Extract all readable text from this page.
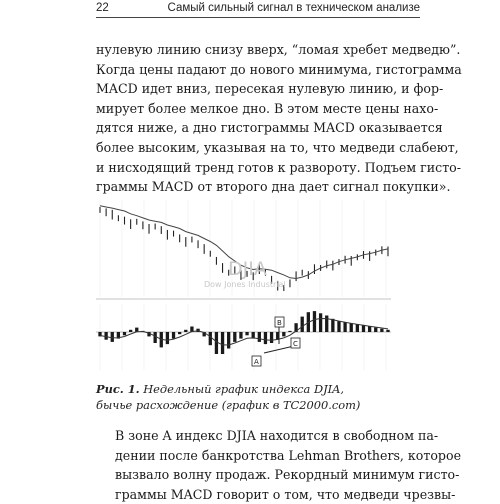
22	Самый сильный сигнал в техническом анализе
нулевую линию снизу вверх, “ломая хребет медведю”.
Когда цены падают до нового минимума, гистограмма
MACD идет вниз, пересекая нулевую линию, и фор-
мирует более мелкое дно. В этом месте цены нахо-
дятся ниже, а дно гистограммы MACD оказывается
более высоким, указывая на то, что медведи слабеют,
и нисходящий тренд готов к развороту. Подъем гисто-
граммы MACD от второго дна дает сигнал покупки».
DJIA
Dow Jones Industrial
B
A
C
Рис. 1. Недельный график индекса DJIA,
бычье расхождение (график в TC2000.com)
В зоне A индекс DJIA находится в свободном па-
дении после банкротства Lehman Brothers, которое
вызвало волну продаж. Рекордный минимум гисто-
граммы MACD говорит о том, что медведи чрезвы-
